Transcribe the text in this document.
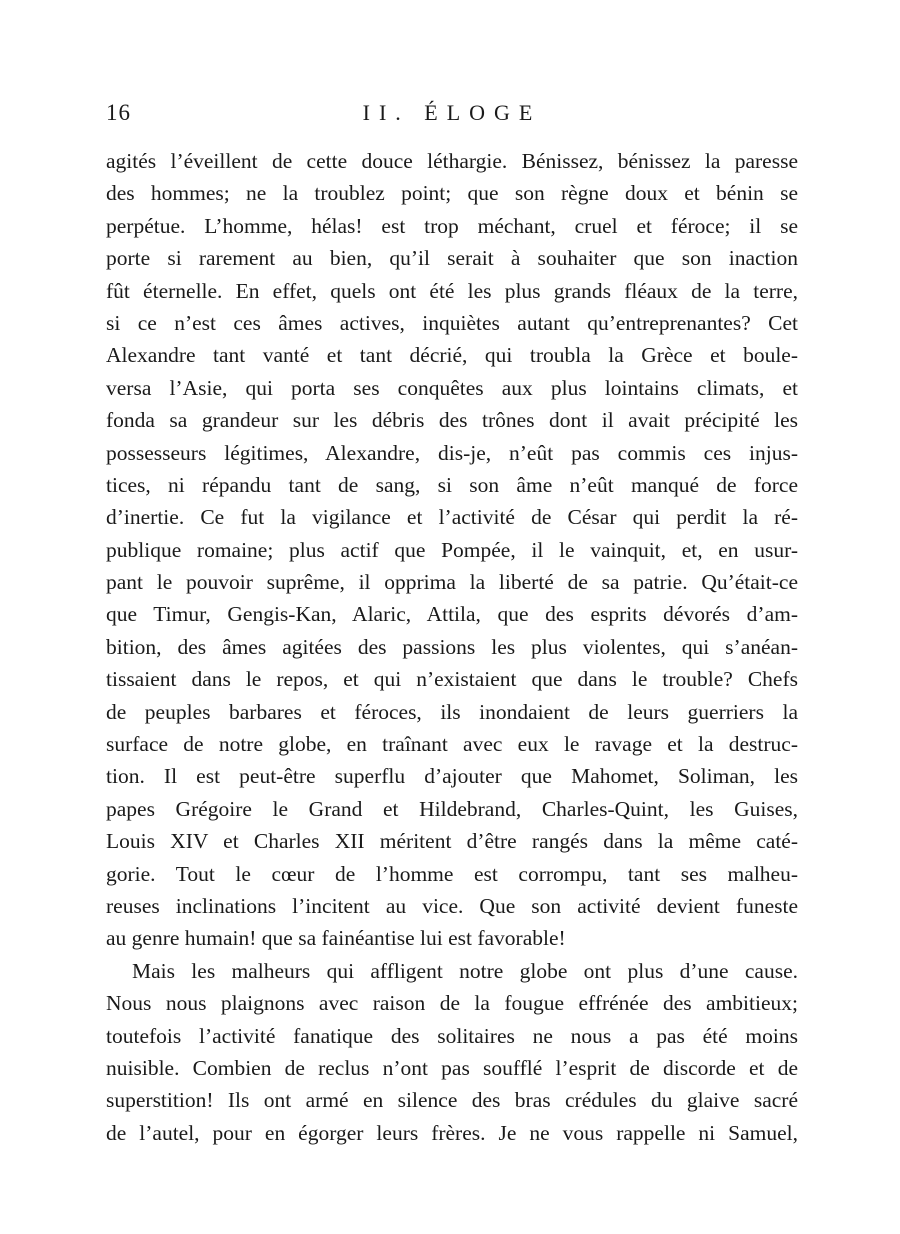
16	II. ÉLOGE
agités l’éveillent de cette douce léthargie. Bénissez, bénissez la paresse
des hommes; ne la troublez point; que son règne doux et bénin se
perpétue. L’homme, hélas! est trop méchant, cruel et féroce; il se
porte si rarement au bien, qu’il serait à souhaiter que son inaction
fût éternelle. En effet, quels ont été les plus grands fléaux de la terre,
si ce n’est ces âmes actives, inquiètes autant qu’entreprenantes? Cet
Alexandre tant vanté et tant décrié, qui troubla la Grèce et boule-
versa l’Asie, qui porta ses conquêtes aux plus lointains climats, et
fonda sa grandeur sur les débris des trônes dont il avait précipité les
possesseurs légitimes, Alexandre, dis-je, n’eût pas commis ces injus-
tices, ni répandu tant de sang, si son âme n’eût manqué de force
d’inertie. Ce fut la vigilance et l’activité de César qui perdit la ré-
publique romaine; plus actif que Pompée, il le vainquit, et, en usur-
pant le pouvoir suprême, il opprima la liberté de sa patrie. Qu’était-ce
que Timur, Gengis-Kan, Alaric, Attila, que des esprits dévorés d’am-
bition, des âmes agitées des passions les plus violentes, qui s’anéan-
tissaient dans le repos, et qui n’existaient que dans le trouble? Chefs
de peuples barbares et féroces, ils inondaient de leurs guerriers la
surface de notre globe, en traînant avec eux le ravage et la destruc-
tion. Il est peut-être superflu d’ajouter que Mahomet, Soliman, les
papes Grégoire le Grand et Hildebrand, Charles-Quint, les Guises,
Louis XIV et Charles XII méritent d’être rangés dans la même caté-
gorie. Tout le cœur de l’homme est corrompu, tant ses malheu-
reuses inclinations l’incitent au vice. Que son activité devient funeste
au genre humain! que sa fainéantise lui est favorable!
Mais les malheurs qui affligent notre globe ont plus d’une cause.
Nous nous plaignons avec raison de la fougue effrénée des ambitieux;
toutefois l’activité fanatique des solitaires ne nous a pas été moins
nuisible. Combien de reclus n’ont pas soufflé l’esprit de discorde et de
superstition! Ils ont armé en silence des bras crédules du glaive sacré
de l’autel, pour en égorger leurs frères. Je ne vous rappelle ni Samuel,
